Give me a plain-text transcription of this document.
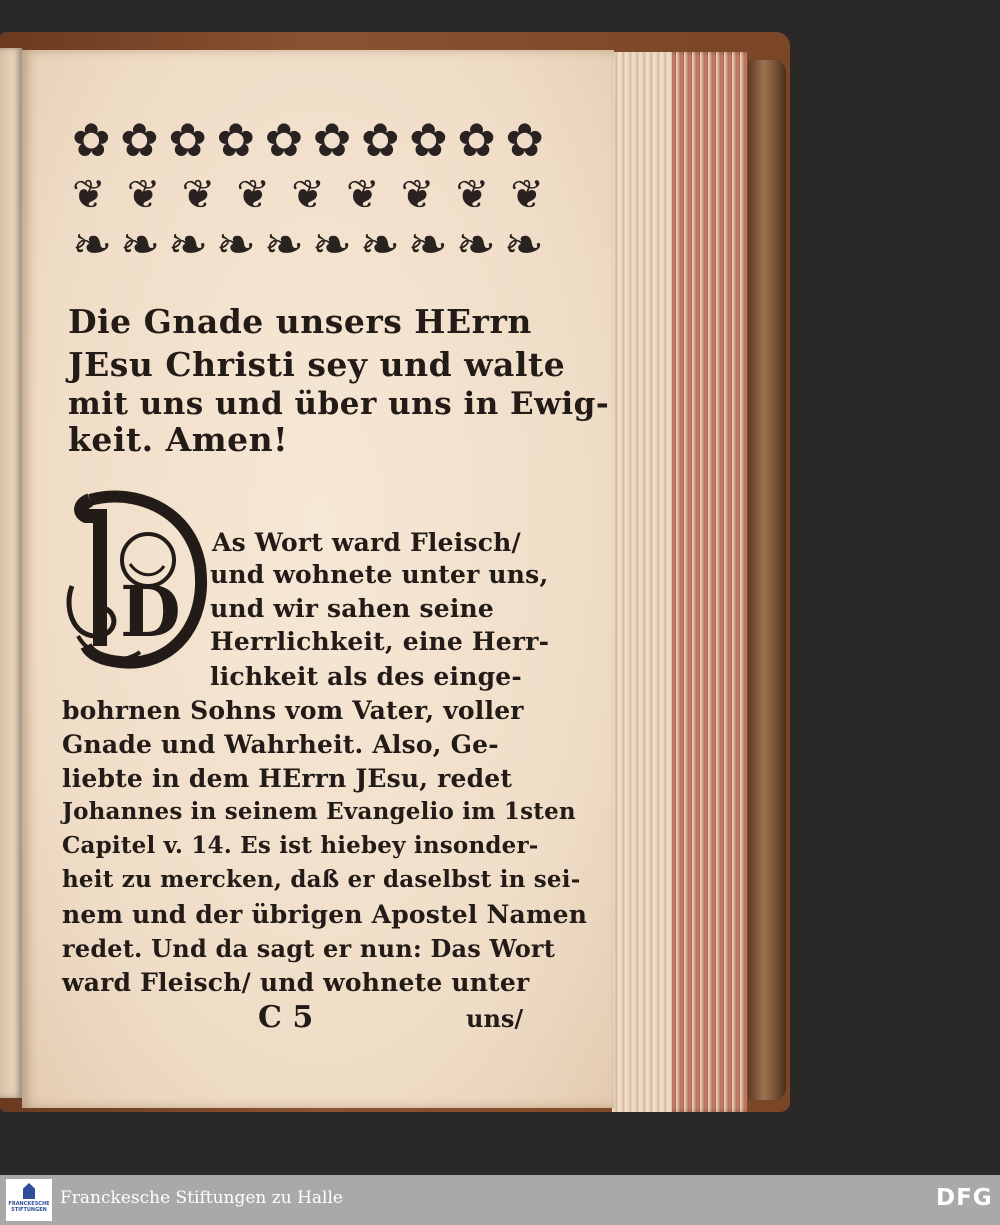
✿ ✿ ✿ ✿ ✿ ✿ ✿ ✿ ✿ ✿
❦ ❦ ❦ ❦ ❦ ❦ ❦ ❦ ❦
❧ ❧ ❧ ❧ ❧ ❧ ❧ ❧ ❧ ❧
Die Gnade unsers HErrn
JEsu Christi sey und walte
mit uns und über uns in Ewig-
keit. Amen!
D
As Wort ward Fleisch/
und wohnete unter uns,
und wir sahen seine
Herrlichkeit, eine Herr-
lichkeit als des einge-
bohrnen Sohns vom Vater, voller
Gnade und Wahrheit. Also, Ge-
liebte in dem HErrn JEsu, redet
Johannes in seinem Evangelio im 1sten
Capitel v. 14. Es ist hiebey insonder-
heit zu mercken, daß er daselbst in sei-
nem und der übrigen Apostel Namen
redet. Und da sagt er nun: Das Wort
ward Fleisch/ und wohnete unter
C 5	uns/
FRANCKESCHE STIFTUNGEN
Franckesche Stiftungen zu Halle	DFG
